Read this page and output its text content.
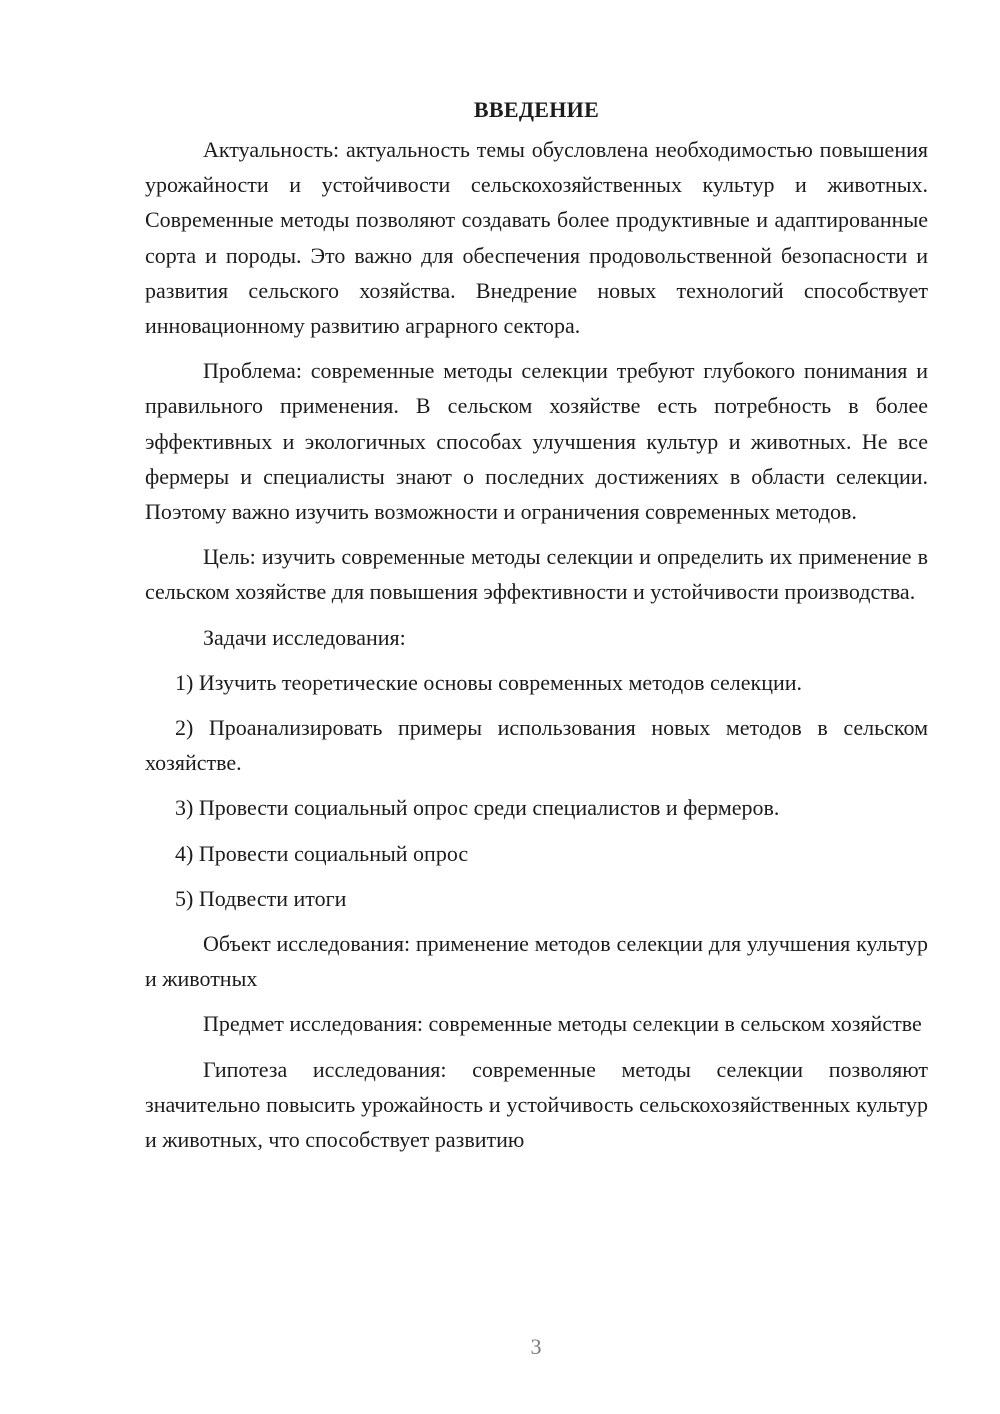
ВВЕДЕНИЕ

Актуальность: актуальность темы обусловлена необходимостью повышения урожайности и устойчивости сельскохозяйственных культур и животных. Современные методы позволяют создавать более продуктивные и адаптированные сорта и породы. Это важно для обеспечения продовольственной безопасности и развития сельского хозяйства. Внедрение новых технологий способствует инновационному развитию аграрного сектора.

Проблема: современные методы селекции требуют глубокого понимания и правильного применения. В сельском хозяйстве есть потребность в более эффективных и экологичных способах улучшения культур и животных. Не все фермеры и специалисты знают о последних достижениях в области селекции. Поэтому важно изучить возможности и ограничения современных методов.

Цель: изучить современные методы селекции и определить их применение в сельском хозяйстве для повышения эффективности и устойчивости производства.

Задачи исследования:

1) Изучить теоретические основы современных методов селекции.

2) Проанализировать примеры использования новых методов в сельском хозяйстве.

3) Провести социальный опрос среди специалистов и фермеров.

4) Провести социальный опрос

5) Подвести итоги

Объект исследования: применение методов селекции для улучшения культур и животных

Предмет исследования: современные методы селекции в сельском хозяйстве

Гипотеза исследования: современные методы селекции позволяют значительно повысить урожайность и устойчивость сельскохозяйственных культур и животных, что способствует развитию

3
